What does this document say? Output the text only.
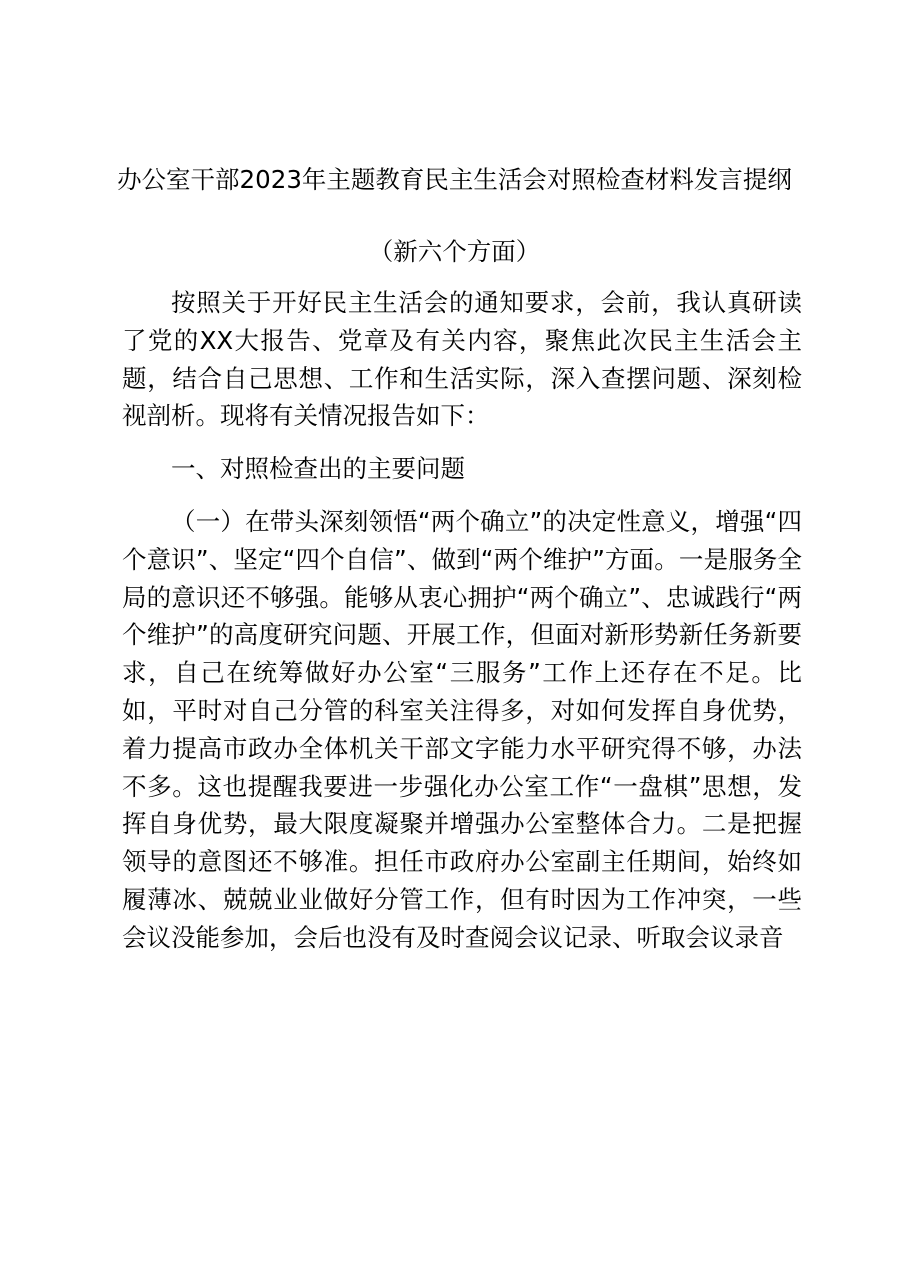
办公室干部2023年主题教育民主生活会对照检查材料发言提纲
（新六个方面）

按照关于开好民主生活会的通知要求，会前，我认真研读了党的XX大报告、党章及有关内容，聚焦此次民主生活会主题，结合自己思想、工作和生活实际，深入查摆问题、深刻检视剖析。现将有关情况报告如下：

一、对照检查出的主要问题

（一）在带头深刻领悟“两个确立”的决定性意义，增强“四个意识”、坚定“四个自信”、做到“两个维护”方面。一是服务全局的意识还不够强。能够从衷心拥护“两个确立”、忠诚践行“两个维护”的高度研究问题、开展工作，但面对新形势新任务新要求，自己在统筹做好办公室“三服务”工作上还存在不足。比如，平时对自己分管的科室关注得多，对如何发挥自身优势，着力提高市政办全体机关干部文字能力水平研究得不够，办法不多。这也提醒我要进一步强化办公室工作“一盘棋”思想，发挥自身优势，最大限度凝聚并增强办公室整体合力。二是把握领导的意图还不够准。担任市政府办公室副主任期间，始终如履薄冰、兢兢业业做好分管工作，但有时因为工作冲突，一些会议没能参加，会后也没有及时查阅会议记录、听取会议录音
